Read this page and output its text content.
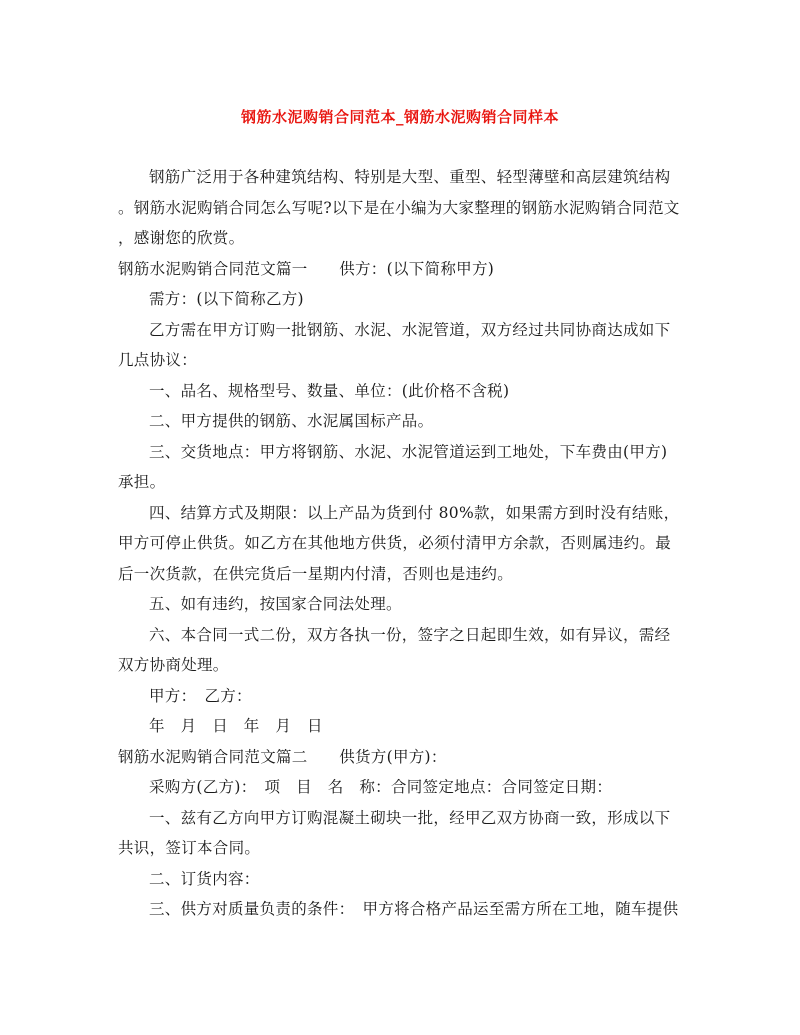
钢筋水泥购销合同范本_钢筋水泥购销合同样本
钢筋广泛用于各种建筑结构、特别是大型、重型、轻型薄壁和高层建筑结构
。钢筋水泥购销合同怎么写呢?以下是在小编为大家整理的钢筋水泥购销合同范文
，感谢您的欣赏。
钢筋水泥购销合同范文篇一　　供方：(以下简称甲方)
需方：(以下简称乙方)
乙方需在甲方订购一批钢筋、水泥、水泥管道，双方经过共同协商达成如下
几点协议：
一、品名、规格型号、数量、单位：(此价格不含税)
二、甲方提供的钢筋、水泥属国标产品。
三、交货地点：甲方将钢筋、水泥、水泥管道运到工地处，下车费由(甲方)
承担。
四、结算方式及期限：以上产品为货到付 80%款，如果需方到时没有结账，
甲方可停止供货。如乙方在其他地方供货，必须付清甲方余款，否则属违约。最
后一次货款，在供完货后一星期内付清，否则也是违约。
五、如有违约，按国家合同法处理。
六、本合同一式二份，双方各执一份，签字之日起即生效，如有异议，需经
双方协商处理。
甲方：　乙方：
年　月　日　年　月　日
钢筋水泥购销合同范文篇二　　供货方(甲方)：
采购方(乙方)：　项　目　名　称：合同签定地点：合同签定日期：
一、兹有乙方向甲方订购混凝土砌块一批，经甲乙双方协商一致，形成以下
共识，签订本合同。
二、订货内容：
三、供方对质量负责的条件：　甲方将合格产品运至需方所在工地，随车提供
